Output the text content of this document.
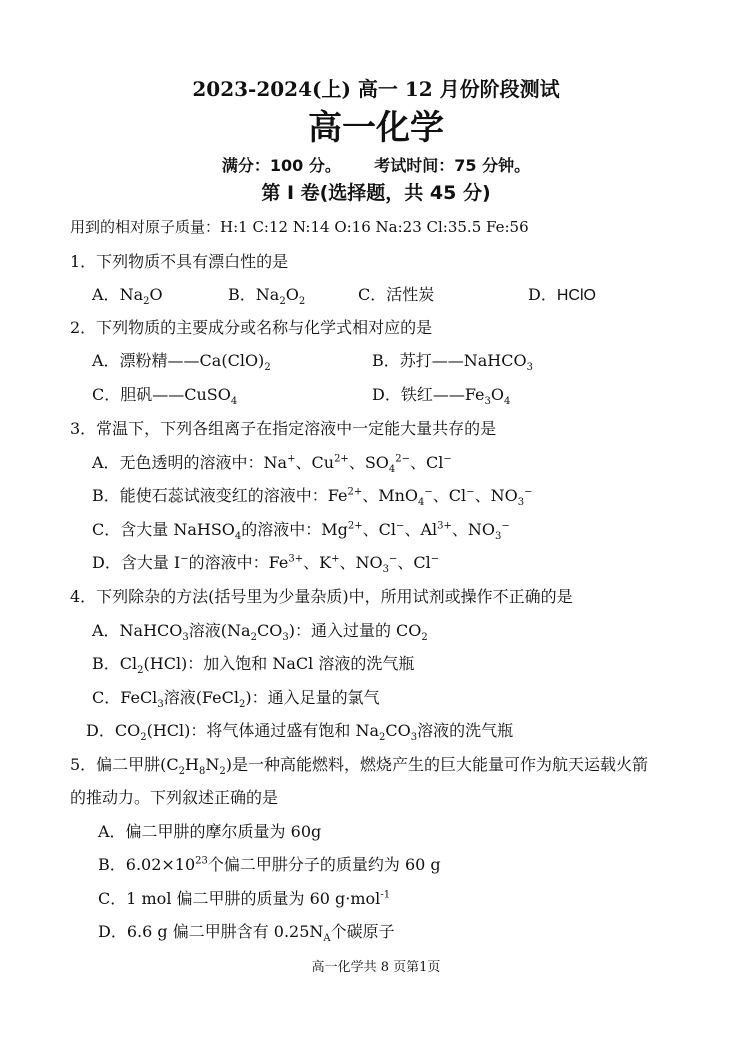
2023-2024(上) 高一 12 月份阶段测试
高一化学
满分：100 分。 考试时间：75 分钟。
第 I 卷(选择题，共 45 分)
用到的相对原子质量：H:1 C:12 N:14 O:16 Na:23 Cl:35.5 Fe:56
1．下列物质不具有漂白性的是
A．$Na_2O$	B．$Na_2O_2$	C．活性炭	D．HClO
2．下列物质的主要成分或名称与化学式相对应的是
A．漂粉精$——Ca(ClO)_2$	B．苏打——NaHCO$_3$
C．胆矾——CuSO$_4$	D．铁红$——Fe_3O_4$
3．常温下，下列各组离子在指定溶液中一定能大量共存的是
A．无色透明的溶液中：Na+、$Cu^{2+}$、$SO_4^{2-}$、Cl−
B．能使石蕊试液变红的溶液中：$Fe^{2+}$、MnO$_4$−、Cl−、$NO_3^-$
C．含大量 NaHSO$_4$的溶液中：$Mg^{2+}$、Cl−、$Al^{3+}$、$NO_3^-$
D．含大量 I−的溶液中：$Fe^{3+}$、K+、$NO_3^-$、Cl−
4．下列除杂的方法(括号里为少量杂质)中，所用试剂或操作不正确的是
A．NaHCO$_3$溶液$(Na_2CO_3)$：通入过量的 $CO_2$
B．$Cl_2(HCl)$：加入饱和 NaCl 溶液的洗气瓶
C．FeCl$_3$溶液(FeCl$_2$)：通入足量的氯气
D．$CO_2(HCl)$：将气体通过盛有饱和 $Na_2CO_3$溶液的洗气瓶
5．偏二甲肼$(C_2H_8N_2)$是一种高能燃料，燃烧产生的巨大能量可作为航天运载火箭
的推动力。下列叙述正确的是
A．偏二甲肼的摩尔质量为 60g
B．$6.02\times 10^{23}$个偏二甲肼分子的质量约为 60 g
C．1 mol 偏二甲肼的质量为 60 g·mol$^{-1}$
D．6.6 g 偏二甲肼含有 $0.25N_A$个碳原子
高一化学共 8 页第1页
